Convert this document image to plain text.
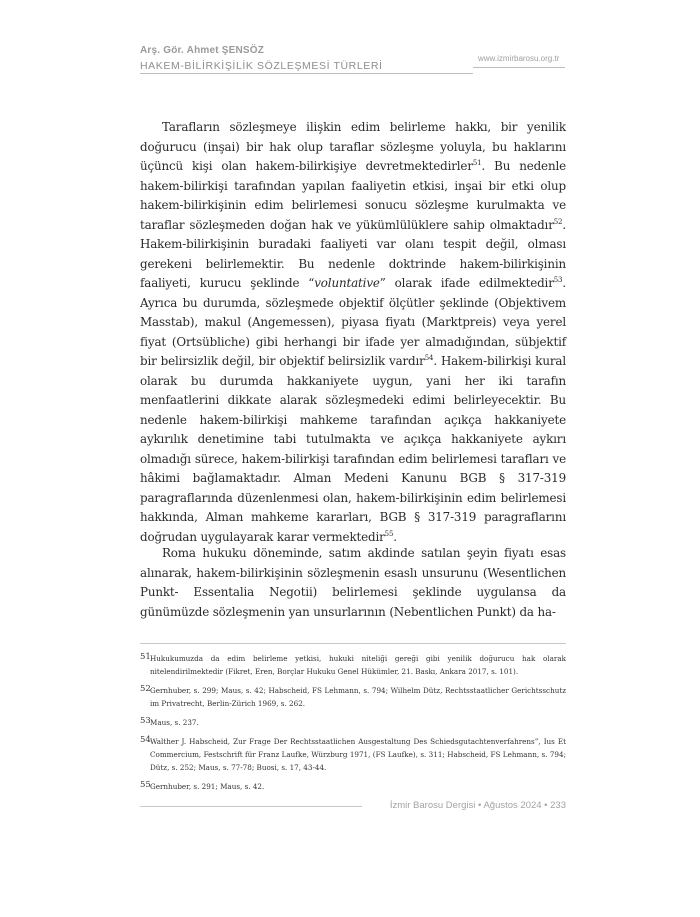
Arş. Gör. Ahmet ŞENSÖZ
HAKEM-BİLİRKİŞİLİK SÖZLEŞMESİ TÜRLERİ
www.izmirbarosu.org.tr

Tarafların sözleşmeye ilişkin edim belirleme hakkı, bir yenilik doğurucu (inşai) bir hak olup taraflar sözleşme yoluyla, bu haklarını üçüncü kişi olan hakem-bilirkişiye devretmektedirler$^{51}$. Bu nedenle hakem-bilirkişi tarafından yapılan faaliyetin etkisi, inşai bir etki olup hakem-bilirkişinin edim belirlemesi sonucu sözleşme kurulmakta ve taraflar sözleşmeden doğan hak ve yükümlülüklere sahip olmaktadır$^{52}$. Hakem-bilirkişinin buradaki faaliyeti var olanı tespit değil, olması gerekeni belirlemektir. Bu nedenle doktrinde hakem-bilirkişinin faaliyeti, kurucu şeklinde “voluntative” olarak ifade edilmektedir$^{53}$. Ayrıca bu durumda, sözleşmede objektif ölçütler şeklinde (Objektivem Masstab), makul (Angemessen), piyasa fiyatı (Marktpreis) veya yerel fiyat (Ortsübliche) gibi herhangi bir ifade yer almadığından, sübjektif bir belirsizlik değil, bir objektif belirsizlik vardır$^{54}$. Hakem-bilirkişi kural olarak bu durumda hakkaniyete uygun, yani her iki tarafın menfaatlerini dikkate alarak sözleşmedeki edimi belirleyecektir. Bu nedenle hakem-bilirkişi mahkeme tarafından açıkça hakkaniyete aykırılık denetimine tabi tutulmakta ve açıkça hakkaniyete aykırı olmadığı sürece, hakem-bilirkişi tarafından edim belirlemesi tarafları ve hâkimi bağlamaktadır. Alman Medeni Kanunu BGB § 317-319 paragraflarında düzenlenmesi olan, hakem-bilirkişinin edim belirlemesi hakkında, Alman mahkeme kararları, BGB § 317-319 paragraflarını doğrudan uygulayarak karar vermektedir$^{55}$.

Roma hukuku döneminde, satım akdinde satılan şeyin fiyatı esas alınarak, hakem-bilirkişinin sözleşmenin esaslı unsurunu (Wesentlichen Punkt- Essentalia Negotii) belirlemesi şeklinde uygulansa da günümüzde sözleşmenin yan unsurlarının (Nebentlichen Punkt) da ha-

51 Hukukumuzda da edim belirleme yetkisi, hukuki niteliği gereği gibi yenilik doğurucu hak olarak nitelendirilmektedir (Fikret, Eren, Borçlar Hukuku Genel Hükümler, 21. Baskı, Ankara 2017, s. 101).
52 Gernhuber, s. 299; Maus, s. 42; Habscheid, FS Lehmann, s. 794; Wilhelm Dütz, Rechtsstaatlicher Gerichtsschutz im Privatrecht, Berlin-Zürich 1969, s. 262.
53 Maus, s. 237.
54 Walther J. Habscheid, Zur Frage Der Rechtsstaatlichen Ausgestaltung Des Schiedsgutachtenverfahrens”, Ius Et Commercium, Festschrift für Franz Laufke, Würzburg 1971, (FS Laufke), s. 311; Habscheid, FS Lehmann, s. 794; Dütz, s. 252; Maus, s. 77-78; Buosi, s. 17, 43-44.
55 Gernhuber, s. 291; Maus, s. 42.
İzmir Barosu Dergisi • Ağustos 2024 • 233
